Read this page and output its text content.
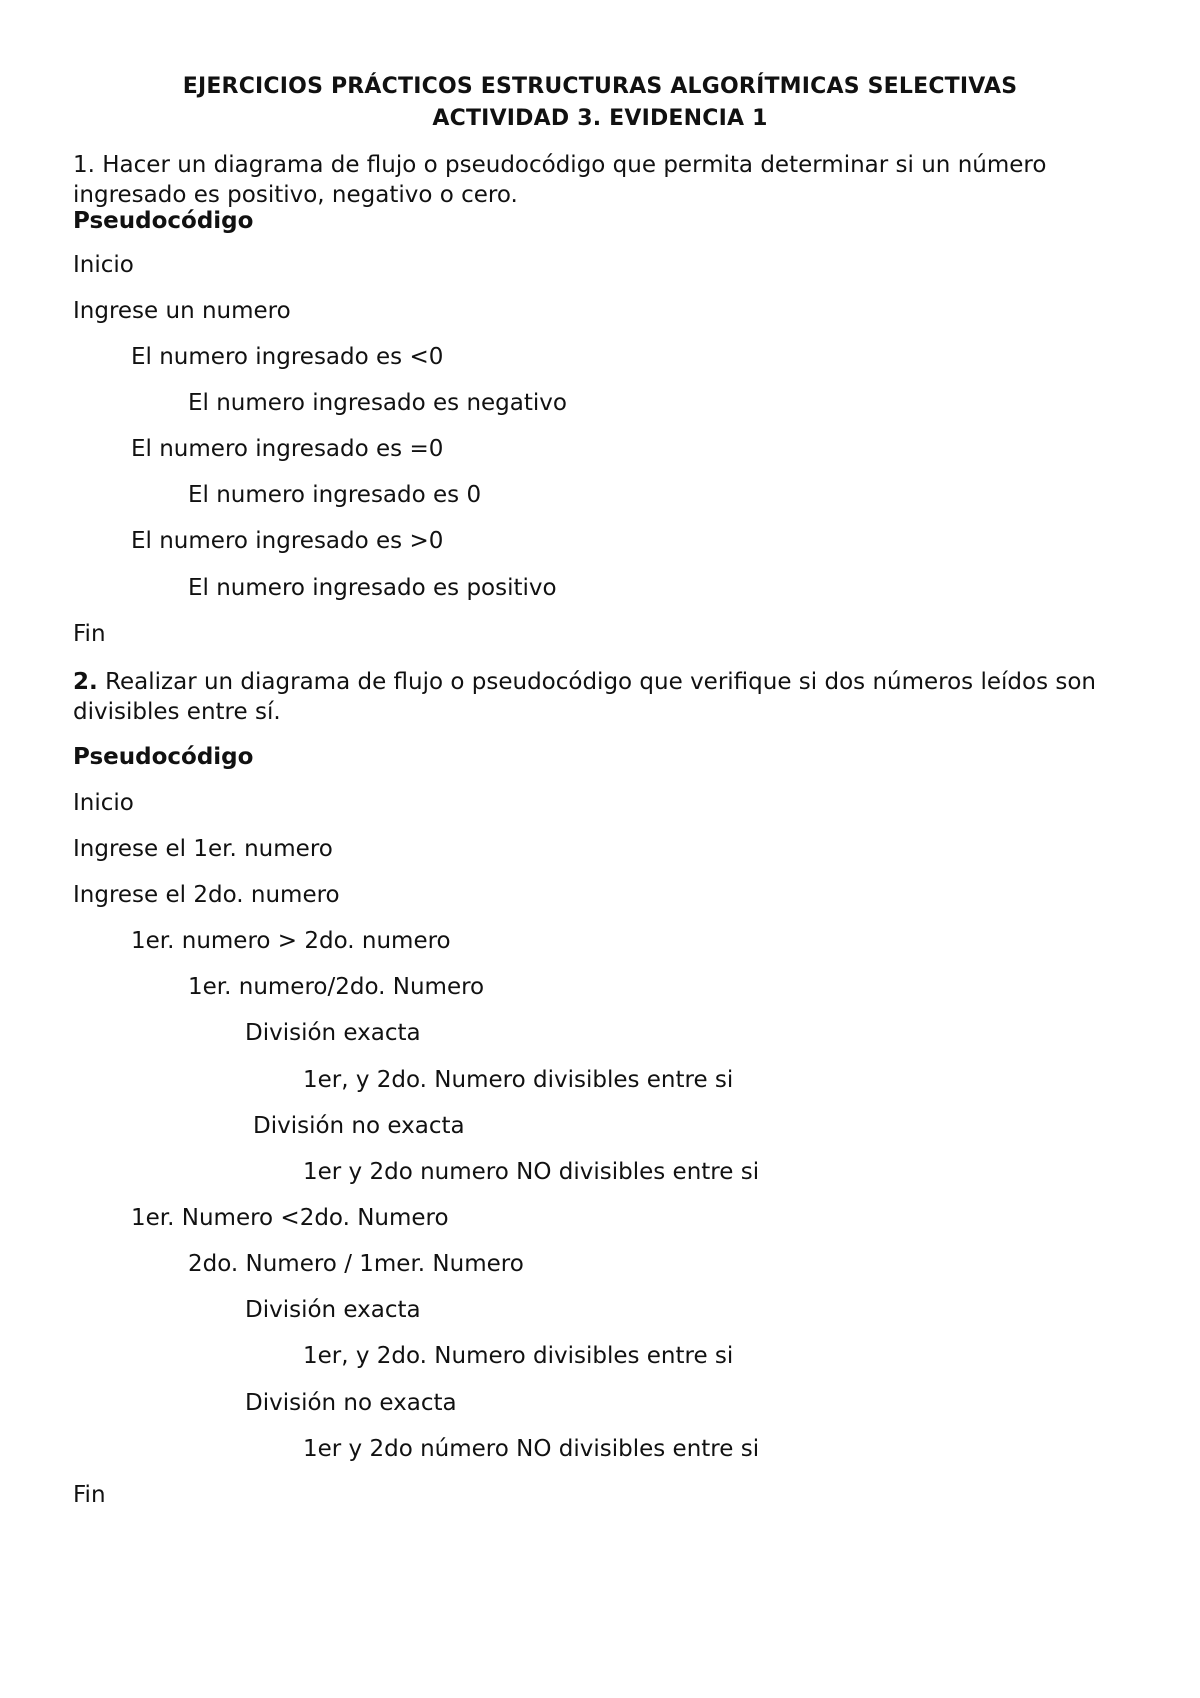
EJERCICIOS PRÁCTICOS ESTRUCTURAS ALGORÍTMICAS SELECTIVAS
ACTIVIDAD 3. EVIDENCIA 1
1. Hacer un diagrama de flujo o pseudocódigo que permita determinar si un número ingresado es positivo, negativo o cero.
Pseudocódigo
Inicio
Ingrese un numero
El numero ingresado es <0
El numero ingresado es negativo
El numero ingresado es =0
El numero ingresado es 0
El numero ingresado es >0
El numero ingresado es positivo
Fin
2. Realizar un diagrama de flujo o pseudocódigo que verifique si dos números leídos son divisibles entre sí.
Pseudocódigo
Inicio
Ingrese el 1er. numero
Ingrese el 2do. numero
1er. numero > 2do. numero
1er. numero/2do. Numero
División exacta
1er, y 2do. Numero divisibles entre si
División no exacta
1er y 2do numero NO divisibles entre si
1er. Numero <2do. Numero
2do. Numero / 1mer. Numero
División exacta
1er, y 2do. Numero divisibles entre si
División no exacta
1er y 2do número NO divisibles entre si
Fin
